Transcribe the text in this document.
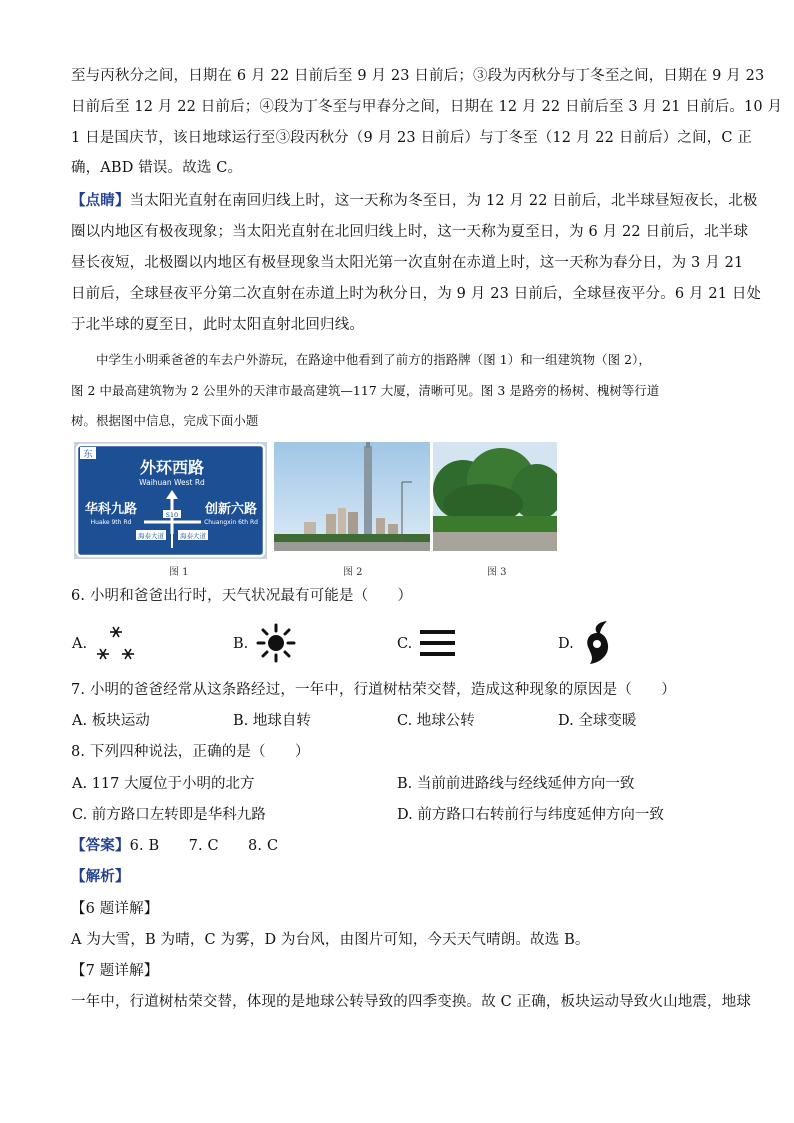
至与丙秋分之间，日期在 6 月 22 日前后至 9 月 23 日前后；③段为丙秋分与丁冬至之间，日期在 9 月 23
日前后至 12 月 22 日前后；④段为丁冬至与甲春分之间，日期在 12 月 22 日前后至 3 月 21 日前后。10 月
1 日是国庆节，该日地球运行至③段丙秋分（9 月 23 日前后）与丁冬至（12 月 22 日前后）之间，C 正
确，ABD 错误。故选 C。
【点睛】当太阳光直射在南回归线上时，这一天称为冬至日，为 12 月 22 日前后，北半球昼短夜长，北极
圈以内地区有极夜现象；当太阳光直射在北回归线上时，这一天称为夏至日，为 6 月 22 日前后，北半球
昼长夜短，北极圈以内地区有极昼现象当太阳光第一次直射在赤道上时，这一天称为春分日，为 3 月 21
日前后，全球昼夜平分第二次直射在赤道上时为秋分日，为 9 月 23 日前后，全球昼夜平分。6 月 21 日处
于北半球的夏至日，此时太阳直射北回归线。
　　中学生小明乘爸爸的车去户外游玩，在路途中他看到了前方的指路牌（图 1）和一组建筑物（图 2），
图 2 中最高建筑物为 2 公里外的天津市最高建筑—117 大厦，清晰可见。图 3 是路旁的杨树、槐树等行道
树。根据图中信息，完成下面小题
东
外环西路
Waihuan West Rd
S10
华科九路
Huake 9th Rd
创新六路
Chuangxin 6th Rd
海泰大道 海泰大道
图 1	图 2	图 3
6. 小明和爸爸出行时，天气状况最有可能是（　　）
A.	B.	C.	D.
7. 小明的爸爸经常从这条路经过，一年中，行道树枯荣交替，造成这种现象的原因是（　　）
A. 板块运动	B. 地球自转	C. 地球公转	D. 全球变暖
8. 下列四种说法，正确的是（　　）
A. 117 大厦位于小明的北方	B. 当前前进路线与经线延伸方向一致
C. 前方路口左转即是华科九路	D. 前方路口右转前行与纬度延伸方向一致
【答案】6. B　　7. C　　8. C
【解析】
【6 题详解】
A 为大雪，B 为晴，C 为雾，D 为台风，由图片可知，今天天气晴朗。故选 B。
【7 题详解】
一年中，行道树枯荣交替，体现的是地球公转导致的四季变换。故 C 正确，板块运动导致火山地震，地球
